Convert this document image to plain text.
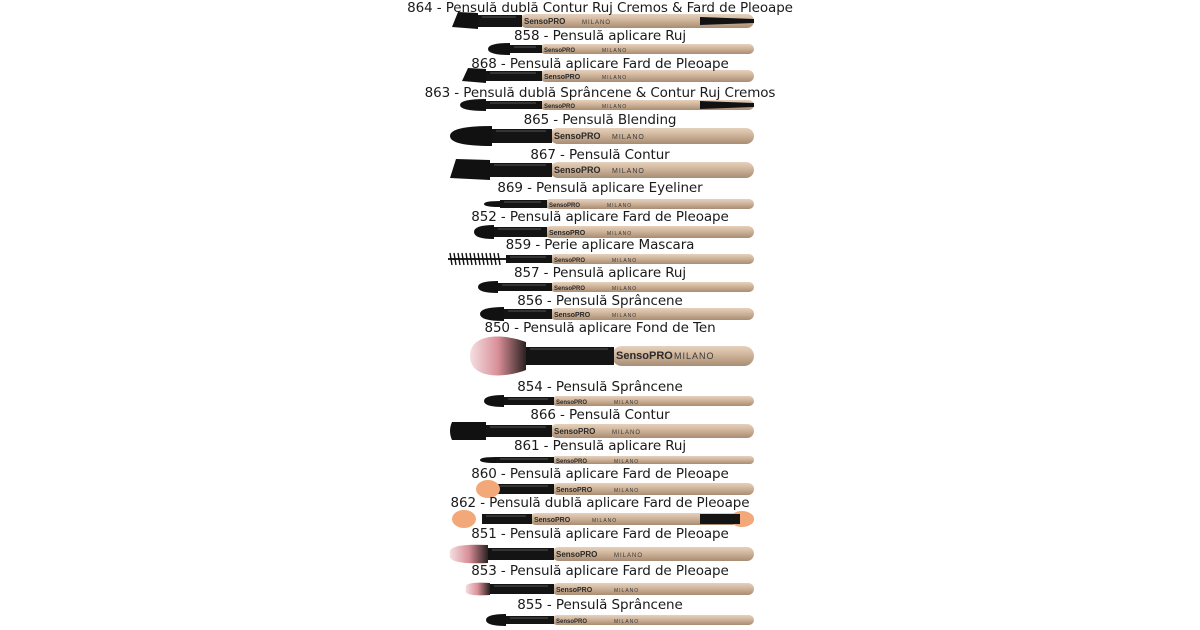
SensoPRO	MILANO
SensoPRO	MILANO
SensoPRO	MILANO
SensoPRO	MILANO
SensoPRO MILANO
SensoPRO MILANO
SensoPRO	MILANO
SensoPRO	MILANO
SensoPRO	MILANO
SensoPRO	MILANO
SensoPRO	MILANO
SensoPRO MILANO
SensoPRO	MILANO
SensoPRO	MILANO
SensoPRO	MILANO
SensoPRO	MILANO
SensoPRO	MILANO
SensoPRO	MILANO
SensoPRO	MILANO
SensoPRO	MILANO
864 - Pensulă dublă Contur Ruj Cremos & Fard de Pleoape
858 - Pensulă aplicare Ruj
868 - Pensulă aplicare Fard de Pleoape
863 - Pensulă dublă Sprâncene & Contur Ruj Cremos
865 - Pensulă Blending
867 - Pensulă Contur
869 - Pensulă aplicare Eyeliner
852 - Pensulă aplicare Fard de Pleoape
859 - Perie aplicare Mascara
857 - Pensulă aplicare Ruj
856 - Pensulă Sprâncene
850 - Pensulă aplicare Fond de Ten
854 - Pensulă Sprâncene
866 - Pensulă Contur
861 - Pensulă aplicare Ruj
860 - Pensulă aplicare Fard de Pleoape
862 - Pensulă dublă aplicare Fard de Pleoape
851 - Pensulă aplicare Fard de Pleoape
853 - Pensulă aplicare Fard de Pleoape
855 - Pensulă Sprâncene
